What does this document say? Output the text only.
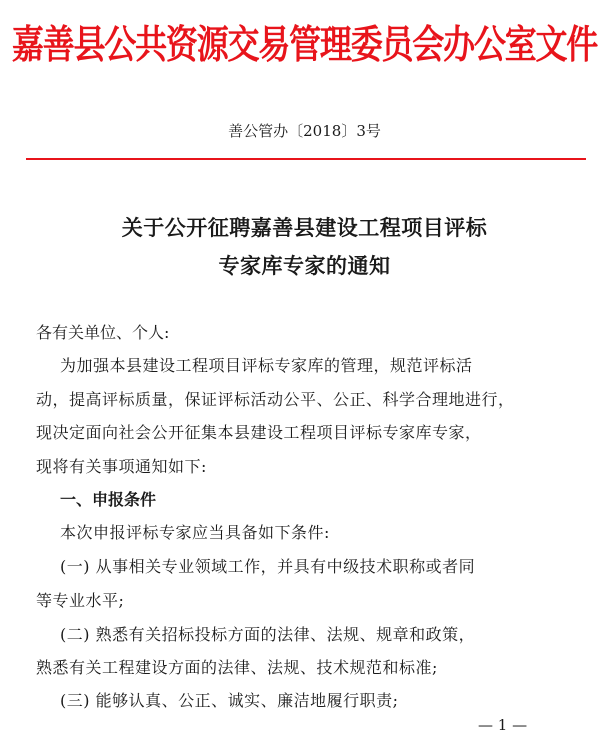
嘉善县公共资源交易管理委员会办公室文件
善公管办〔2018〕3号
关于公开征聘嘉善县建设工程项目评标
专家库专家的通知
各有关单位、个人:
为加强本县建设工程项目评标专家库的管理，规范评标活
动，提高评标质量，保证评标活动公平、公正、科学合理地进行，
现决定面向社会公开征集本县建设工程项目评标专家库专家，
现将有关事项通知如下:
一、申报条件
本次申报评标专家应当具备如下条件:
(一) 从事相关专业领域工作，并具有中级技术职称或者同
等专业水平;
(二) 熟悉有关招标投标方面的法律、法规、规章和政策，
熟悉有关工程建设方面的法律、法规、技术规范和标准;
(三) 能够认真、公正、诚实、廉洁地履行职责;
— 1 —
